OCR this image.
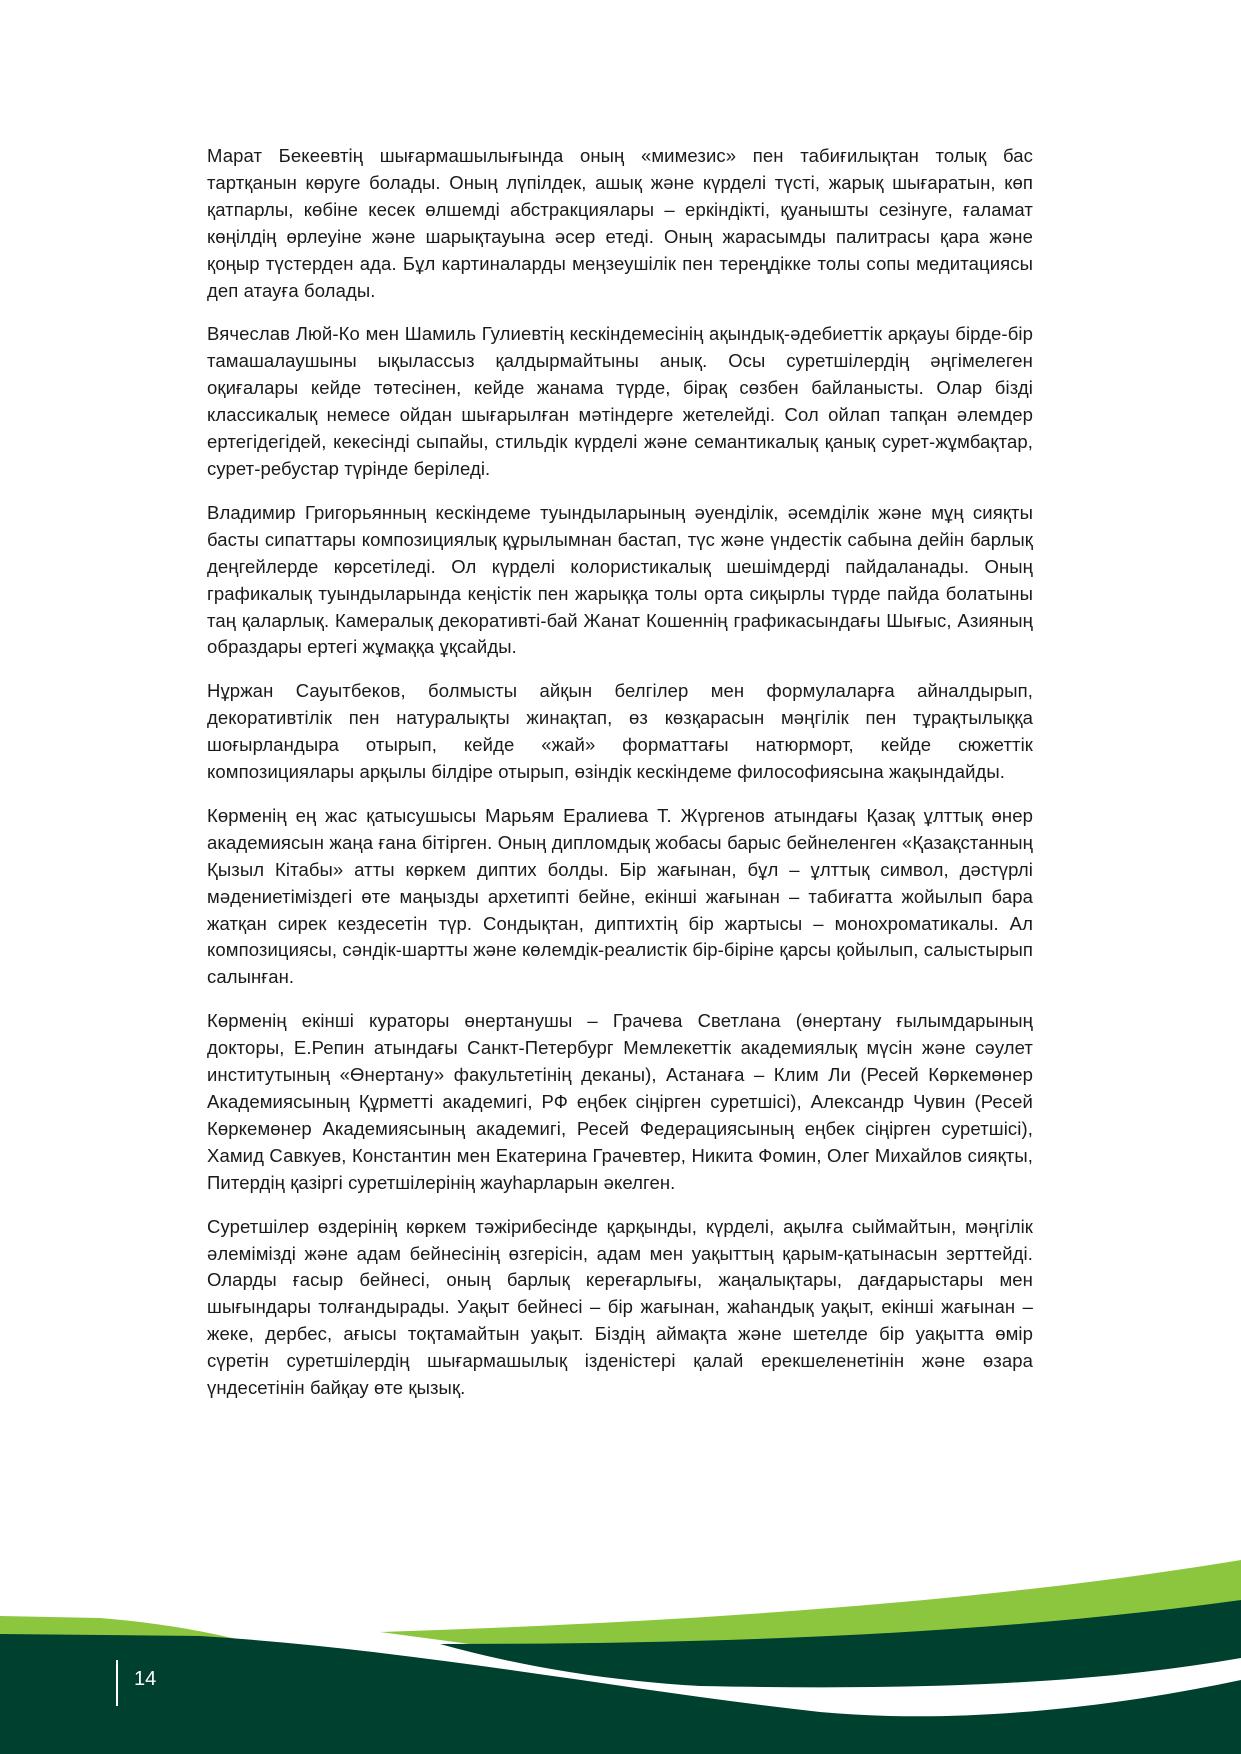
Марат Бекеевтің шығармашылығында оның «мимезис» пен табиғилықтан толық бас тартқанын көруге болады. Оның лүпілдек, ашық және күрделі түсті, жарық шығаратын, көп қатпарлы, көбіне кесек өлшемді абстракциялары – еркіндікті, қуанышты сезінуге, ғаламат көңілдің өрлеуіне және шарықтауына әсер етеді. Оның жарасымды палитрасы қара және қоңыр түстерден ада. Бұл картиналарды меңзеушілік пен тереңдікке толы сопы медитациясы деп атауға болады.

Вячеслав Люй-Ко мен Шамиль Гулиевтің кескіндемесінің ақындық-әдебиеттік арқауы бірде-бір тамашалаушыны ықыласcыз қалдырмайтыны анық. Осы суретшілердің әңгімелеген оқиғалары кейде төтесінен, кейде жанама түрде, бірақ сөзбен байланысты. Олар бізді классикалық немесе ойдан шығарылған мәтіндерге жетелейді. Сол ойлап тапқан әлемдер ертегідегідей, кекесінді сыпайы, стильдік күрделі және семантикалық қанық сурет-жұмбақтар, сурет-ребустар түрінде беріледі.

Владимир Григорьянның кескіндеме туындыларының әуенділік, әсемділік және мұң сияқты басты сипаттары композициялық құрылымнан бастап, түс және үндестік сабына дейін барлық деңгейлерде көрсетіледі. Ол күрделі колористикалық шешімдерді пайдаланады. Оның графикалық туындыларында кеңістік пен жарыққа толы орта сиқырлы түрде пайда болатыны таң қаларлық. Камералық декоративті-бай Жанат Кошеннің графикасындағы Шығыс, Азияның образдары ертегі жұмаққа ұқсайды.

Нұржан Сауытбеков, болмысты айқын белгілер мен формулаларға айналдырып, декоративтілік пен натуралықты жинақтап, өз көзқарасын мәңгілік пен тұрақтылыққа шоғырландыра отырып, кейде «жай» форматтағы натюрморт, кейде сюжеттік композициялары арқылы білдіре отырып, өзіндік кескіндеме философиясына жақындайды.

Көрменің ең жас қатысушысы Марьям Ералиева Т. Жүргенов атындағы Қазақ ұлттық өнер академиясын жаңа ғана бітірген. Оның дипломдық жобасы барыс бейнеленген «Қазақстанның Қызыл Кітабы» атты көркем диптих болды. Бір жағынан, бұл – ұлттық символ, дәстүрлі мәдениетіміздегі өте маңызды архетипті бейне, екінші жағынан – табиғатта жойылып бара жатқан сирек кездесетін түр. Сондықтан, диптихтің бір жартысы – монохроматикалы. Ал композициясы, сәндік-шартты және көлемдік-реалистік бір-біріне қарсы қойылып, салыстырып салынған.

Көрменің екінші кураторы өнертанушы – Грачева Светлана (өнертану ғылымдарының докторы, Е.Репин атындағы Санкт-Петербург Мемлекеттік академиялық мүсін және сәулет институтының «Өнертану» факультетінің деканы), Астанаға – Клим Ли (Ресей Көркемөнер Академиясының Құрметті академигі, РФ еңбек сіңірген суретшісі), Александр Чувин (Ресей Көркемөнер Академиясының академигі, Ресей Федерациясының еңбек сіңірген суретшісі), Хамид Савкуев, Константин мен Екатерина Грачевтер, Никита Фомин, Олег Михайлов сияқты, Питердің қазіргі суретшілерінің жауһарларын әкелген.

Суретшілер өздерінің көркем тәжірибесінде қарқынды, күрделі, ақылға сыймайтын, мәңгілік әлемімізді және адам бейнесінің өзгерісін, адам мен уақыттың қарым-қатынасын зерттейді. Оларды ғасыр бейнесі, оның барлық кереғарлығы, жаңалықтары, дағдарыстары мен шығындары толғандырады. Уақыт бейнесі – бір жағынан, жаһандық уақыт, екінші жағынан – жеке, дербес, ағысы тоқтамайтын уақыт. Біздің аймақта және шетелде бір уақытта өмір сүретін суретшілердің шығармашылық ізденістері қалай ерекшеленетінін және өзара үндесетінін байқау өте қызық.

14
